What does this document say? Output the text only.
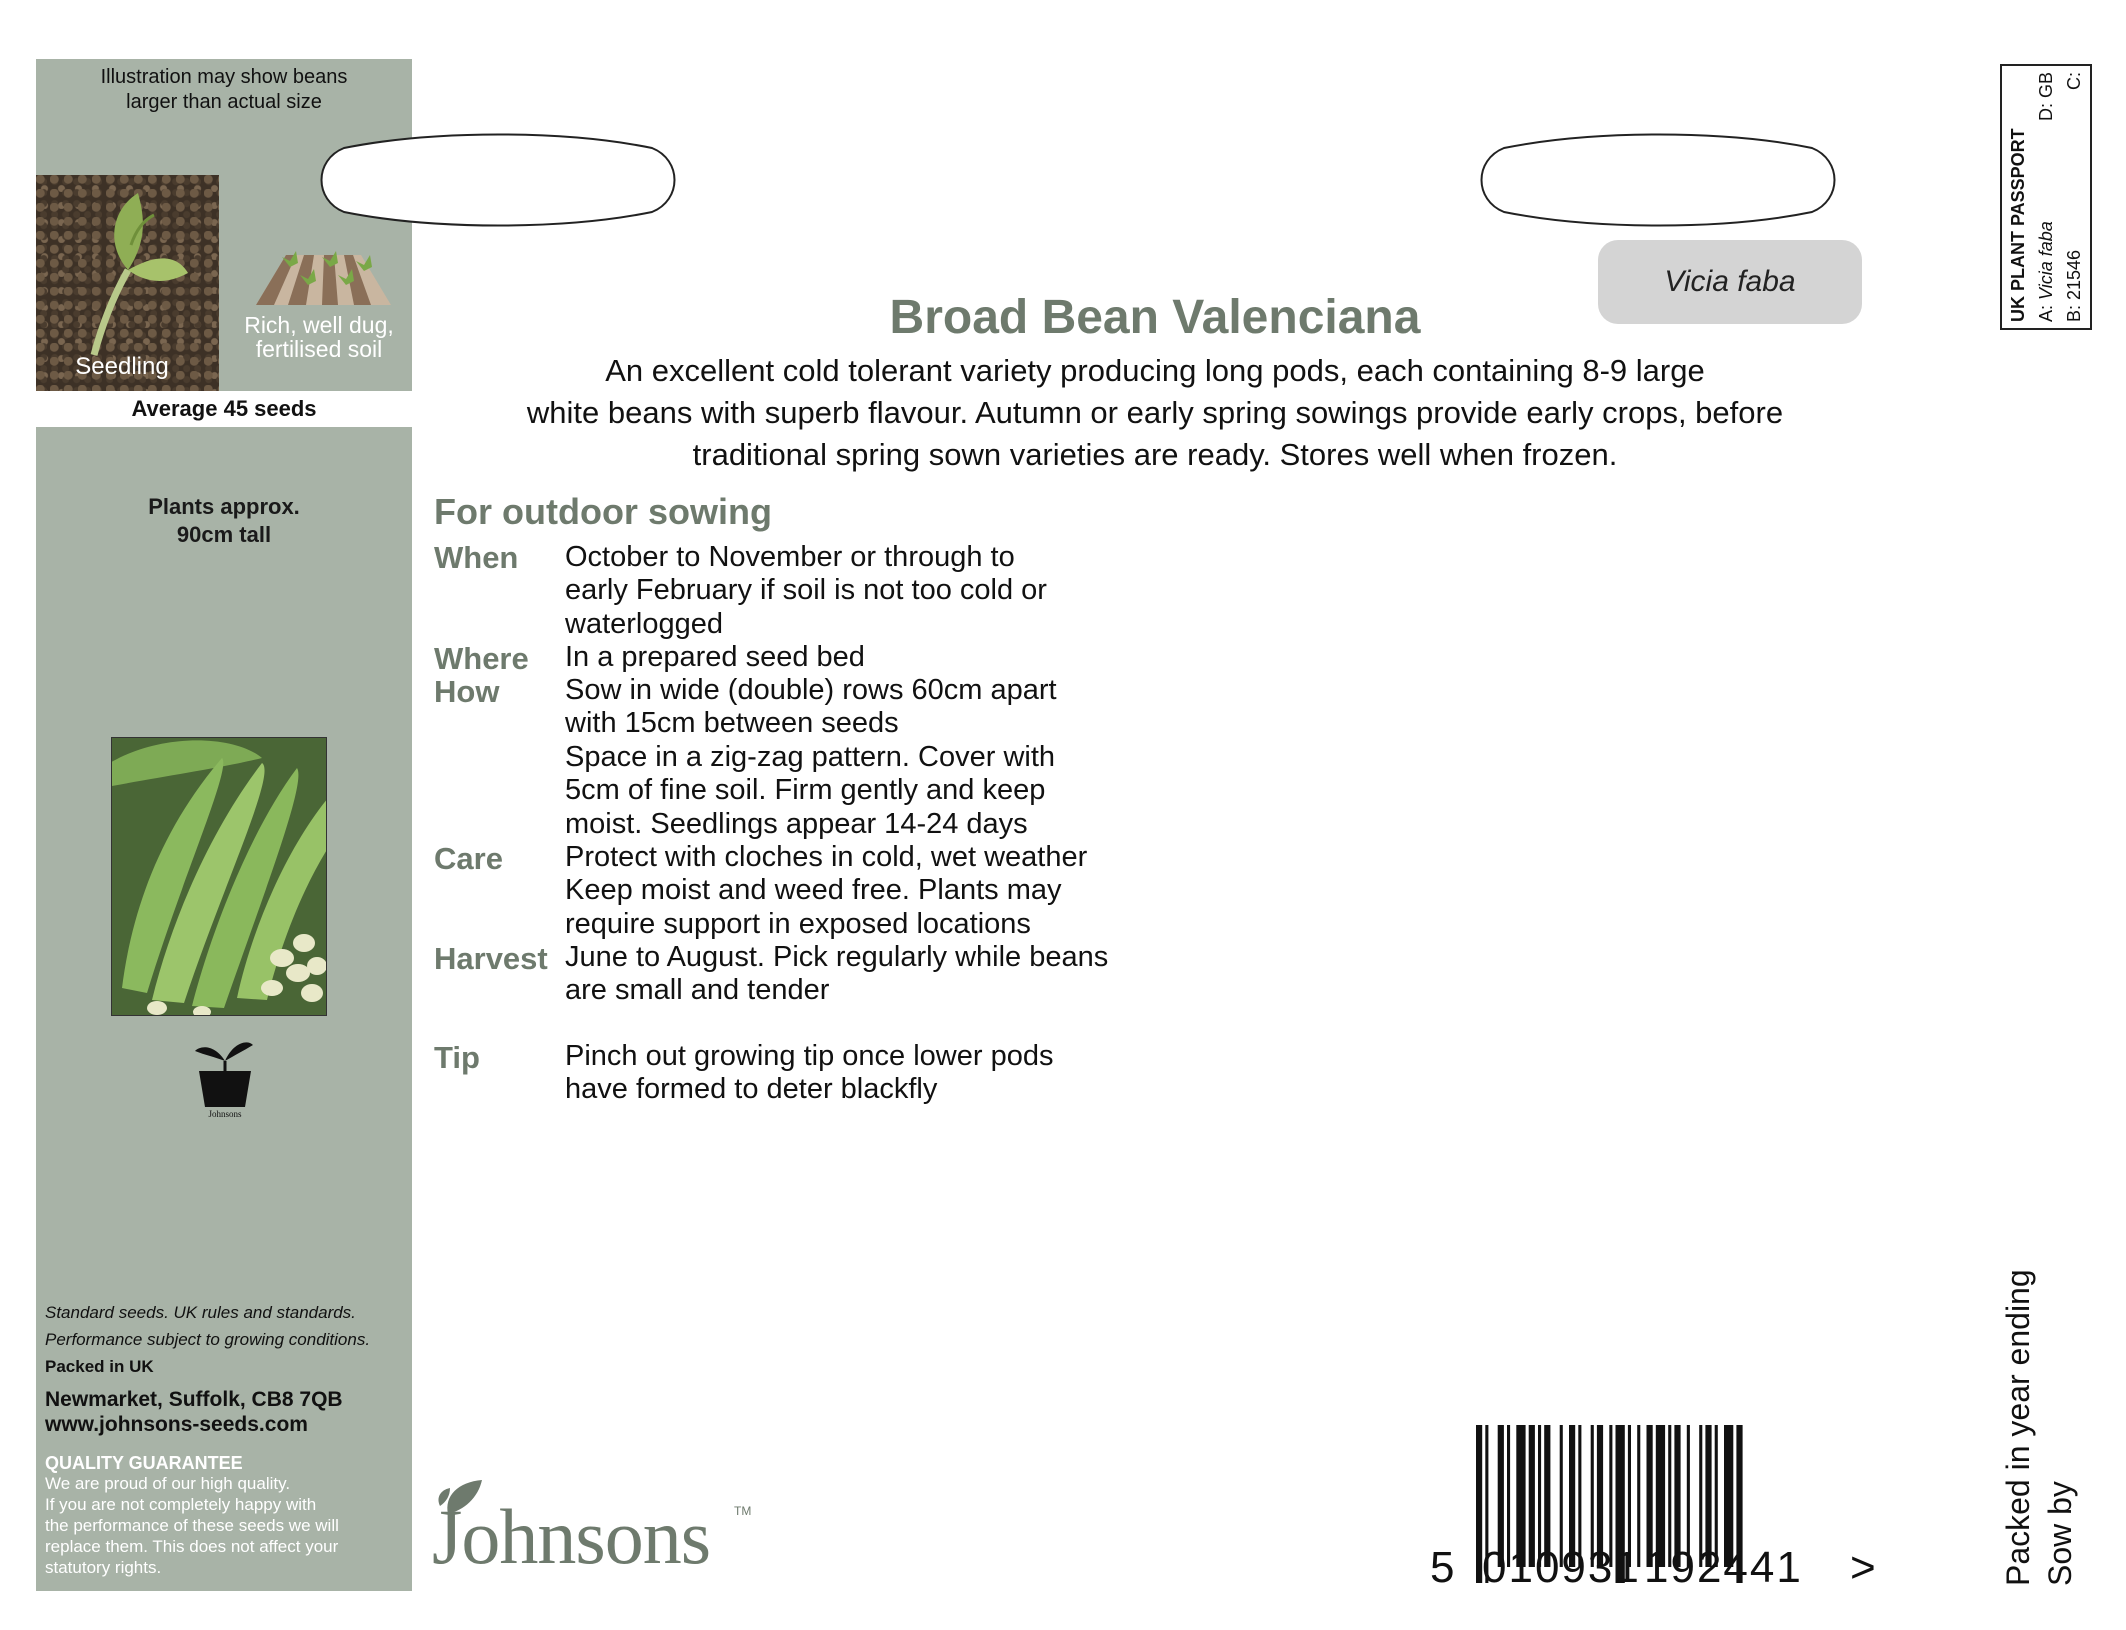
Illustration may show beans
larger than actual size
Seedling
Rich, well dug,
fertilised soil
Average 45 seeds
Plants approx.
90cm tall
Johnsons
Standard seeds. UK rules and standards.
Performance subject to growing conditions.
Packed in UK
Newmarket, Suffolk, CB8 7QB
www.johnsons-seeds.com
QUALITY GUARANTEE
We are proud of our high quality.
If you are not completely happy with
the performance of these seeds we will
replace them. This does not affect your
statutory rights.
Vicia faba
Broad Bean Valenciana
An excellent cold tolerant variety producing long pods, each containing 8-9 large
white beans with superb flavour. Autumn or early spring sowings provide early crops, before
traditional spring sown varieties are ready. Stores well when frozen.
For outdoor sowing
When October to November or through to
early February if soil is not too cold or
waterlogged
Where In a prepared seed bed
How Sow in wide (double) rows 60cm apart
with 15cm between seeds
Space in a zig-zag pattern. Cover with
5cm of fine soil. Firm gently and keep
moist. Seedlings appear 14-24 days
Care Protect with cloches in cold, wet weather
Keep moist and weed free. Plants may
require support in exposed locations
Harvest June to August. Pick regularly while beans
are small and tender
Tip	Pinch out growing tip once lower pods
have formed to deter blackfly
Johnsons TM
5 010931 192441 >
UK PLANT PASSPORT A: Vicia faba
D: GB
B: 21546
C:
Packed in year ending Sow by
